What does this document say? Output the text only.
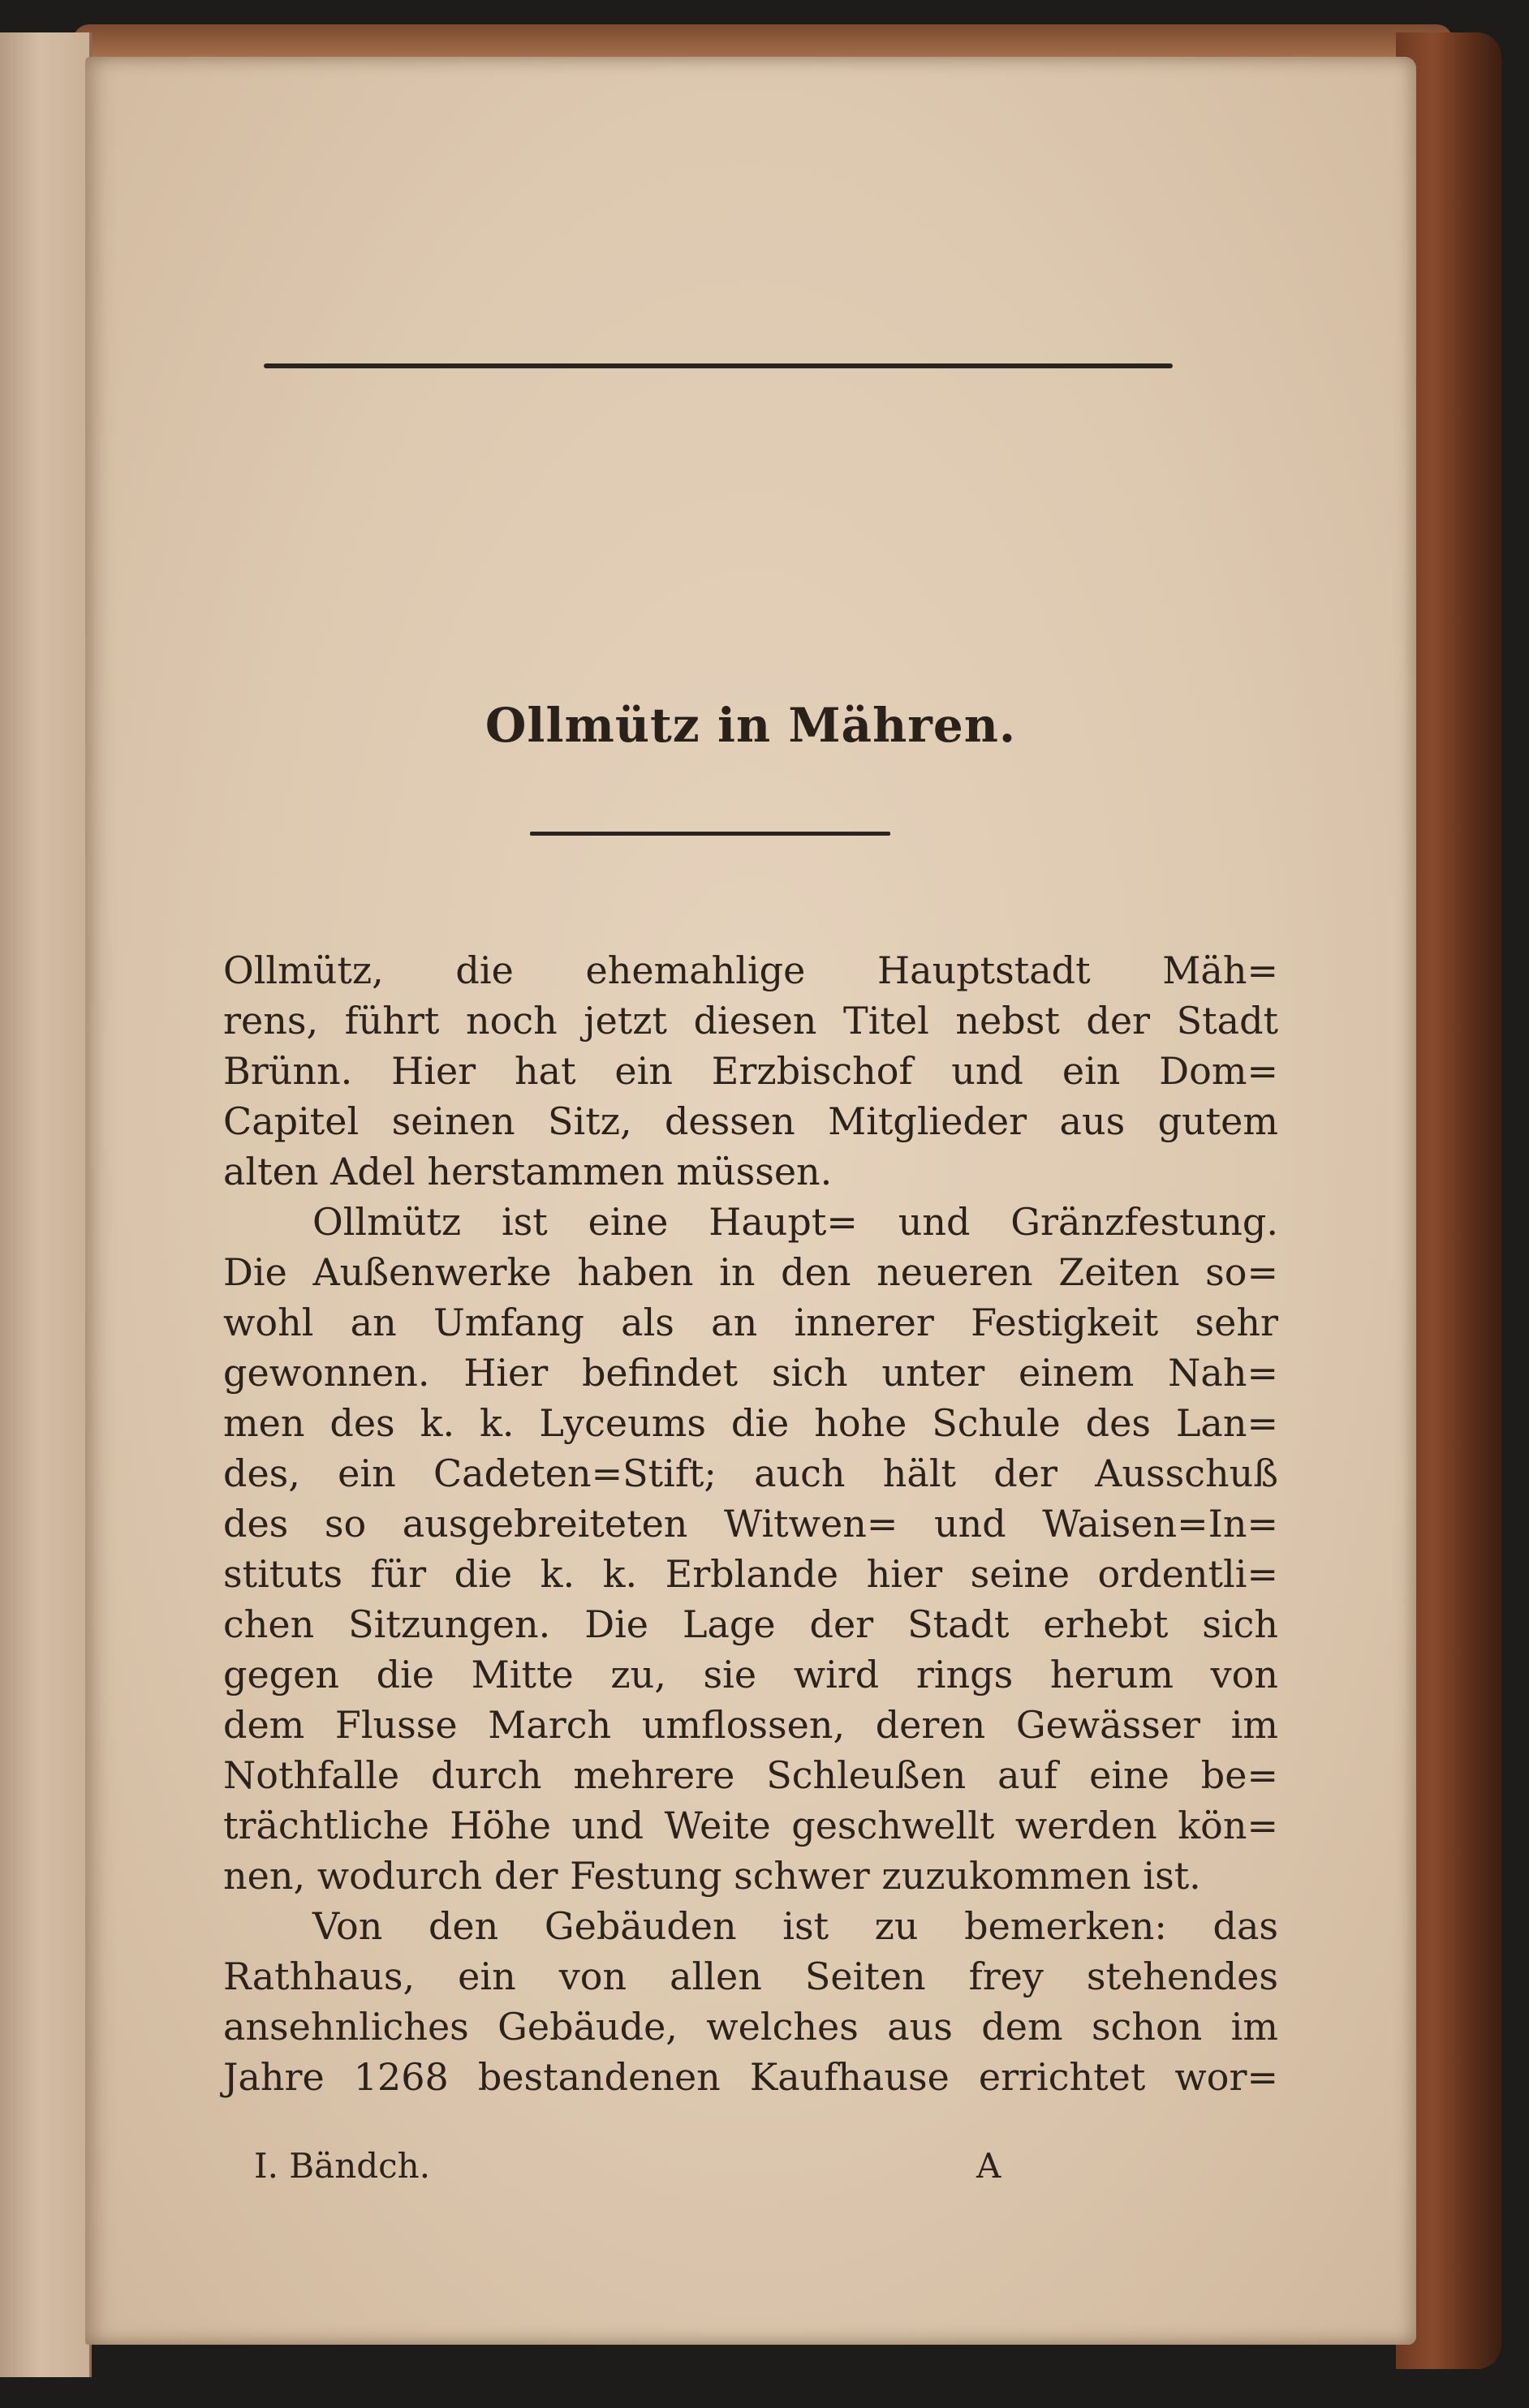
Ollmütz in Mähren.
Ollmütz, die ehemahlige Hauptstadt Mäh=
rens, führt noch jetzt diesen Titel nebst der Stadt
Brünn. Hier hat ein Erzbischof und ein Dom=
Capitel seinen Sitz, dessen Mitglieder aus gutem
alten Adel herstammen müssen.
Ollmütz ist eine Haupt= und Gränzfestung.
Die Außenwerke haben in den neueren Zeiten so=
wohl an Umfang als an innerer Festigkeit sehr
gewonnen. Hier befindet sich unter einem Nah=
men des k. k. Lyceums die hohe Schule des Lan=
des, ein Cadeten=Stift; auch hält der Ausschuß
des so ausgebreiteten Witwen= und Waisen=In=
stituts für die k. k. Erblande hier seine ordentli=
chen Sitzungen. Die Lage der Stadt erhebt sich
gegen die Mitte zu, sie wird rings herum von
dem Flusse March umflossen, deren Gewässer im
Nothfalle durch mehrere Schleußen auf eine be=
trächtliche Höhe und Weite geschwellt werden kön=
nen, wodurch der Festung schwer zuzukommen ist.
Von den Gebäuden ist zu bemerken: das
Rathhaus, ein von allen Seiten frey stehendes
ansehnliches Gebäude, welches aus dem schon im
Jahre 1268 bestandenen Kaufhause errichtet wor=
I. Bändch.	A
